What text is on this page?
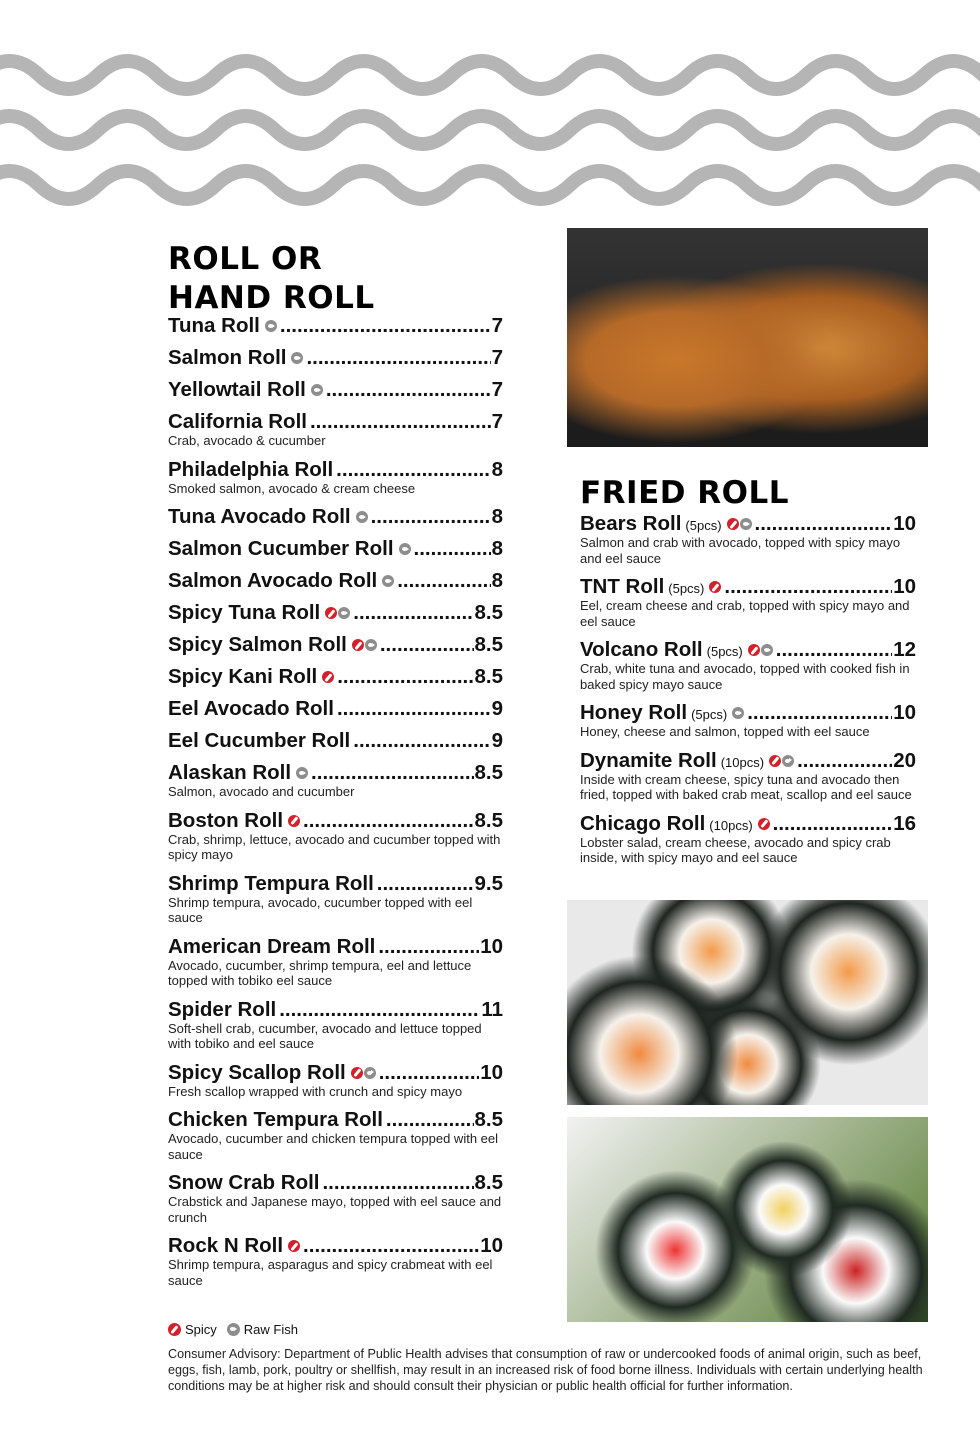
ROLL OR
HAND ROLL
Tuna Roll .....	7
Salmon Roll .....	7
Yellowtail Roll .....	7
California Roll .....	7
Crab, avocado & cucumber
Philadelphia Roll .....	8
Smoked salmon, avocado & cream cheese
Tuna Avocado Roll .....	8
Salmon Cucumber Roll .....	8
Salmon Avocado Roll .....	8
Spicy Tuna Roll .....	8.5
Spicy Salmon Roll .....	8.5
Spicy Kani Roll .....	8.5
Eel Avocado Roll .....	9
Eel Cucumber Roll .....	9
Alaskan Roll .....	8.5
Salmon, avocado and cucumber
Boston Roll .....	8.5
Crab, shrimp, lettuce, avocado and cucumber topped with spicy mayo
Shrimp Tempura Roll .....	9.5
Shrimp tempura, avocado, cucumber topped with eel sauce
American Dream Roll .....	10
Avocado, cucumber, shrimp tempura, eel and lettuce topped with tobiko eel sauce
Spider Roll .....	11
Soft-shell crab, cucumber, avocado and lettuce topped with tobiko and eel sauce
Spicy Scallop Roll .....	10
Fresh scallop wrapped with crunch and spicy mayo
Chicken Tempura Roll .....	8.5
Avocado, cucumber and chicken tempura topped with eel sauce
Snow Crab Roll .....	8.5
Crabstick and Japanese mayo, topped with eel sauce and crunch
Rock N Roll .....	10
Shrimp tempura, asparagus and spicy crabmeat with eel sauce
FRIED ROLL
Bears Roll (5pcs) .....	10
Salmon and crab with avocado, topped with spicy mayo and eel sauce
TNT Roll (5pcs) .....	10
Eel, cream cheese and crab, topped with spicy mayo and eel sauce
Volcano Roll (5pcs) .....	12
Crab, white tuna and avocado, topped with cooked fish in baked spicy mayo sauce
Honey Roll (5pcs) .....	10
Honey, cheese and salmon, topped with eel sauce
Dynamite Roll (10pcs) .....	20
Inside with cream cheese, spicy tuna and avocado then fried, topped with baked crab meat, scallop and eel sauce
Chicago Roll (10pcs) .....	16
Lobster salad, cream cheese, avocado and spicy crab inside, with spicy mayo and eel sauce
Spicy Raw Fish
Consumer Advisory: Department of Public Health advises that consumption of raw or undercooked foods of animal origin, such as beef, eggs, fish, lamb, pork, poultry or shellfish, may result in an increased risk of food borne illness. Individuals with certain underlying health conditions may be at higher risk and should consult their physician or public health official for further information.
